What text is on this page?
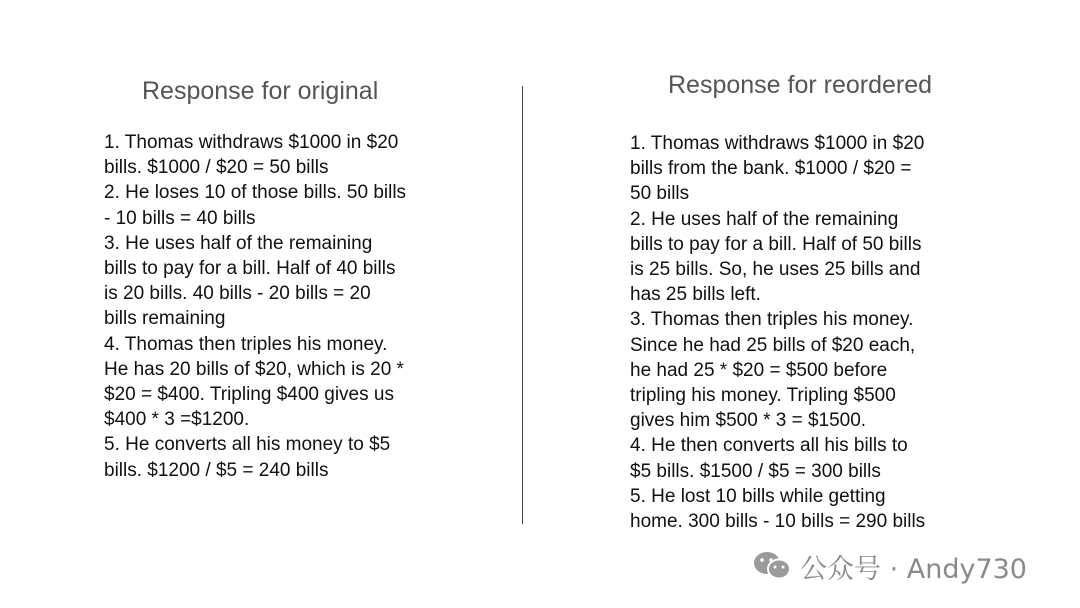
Response for original
1. Thomas withdraws $1000 in $20
bills. $1000 / $20 = 50 bills
2. He loses 10 of those bills. 50 bills
- 10 bills = 40 bills
3. He uses half of the remaining
bills to pay for a bill. Half of 40 bills
is 20 bills. 40 bills - 20 bills = 20
bills remaining
4. Thomas then triples his money.
He has 20 bills of $20, which is 20 *
$20 = $400. Tripling $400 gives us
$400 * 3 =$1200.
5. He converts all his money to $5
bills. $1200 / $5 = 240 bills
Response for reordered
1. Thomas withdraws $1000 in $20
bills from the bank. $1000 / $20 =
50 bills
2. He uses half of the remaining
bills to pay for a bill. Half of 50 bills
is 25 bills. So, he uses 25 bills and
has 25 bills left.
3. Thomas then triples his money.
Since he had 25 bills of $20 each,
he had 25 * $20 = $500 before
tripling his money. Tripling $500
gives him $500 * 3 = $1500.
4. He then converts all his bills to
$5 bills. $1500 / $5 = 300 bills
5. He lost 10 bills while getting
home. 300 bills - 10 bills = 290 bills
公众号 · Andy730
